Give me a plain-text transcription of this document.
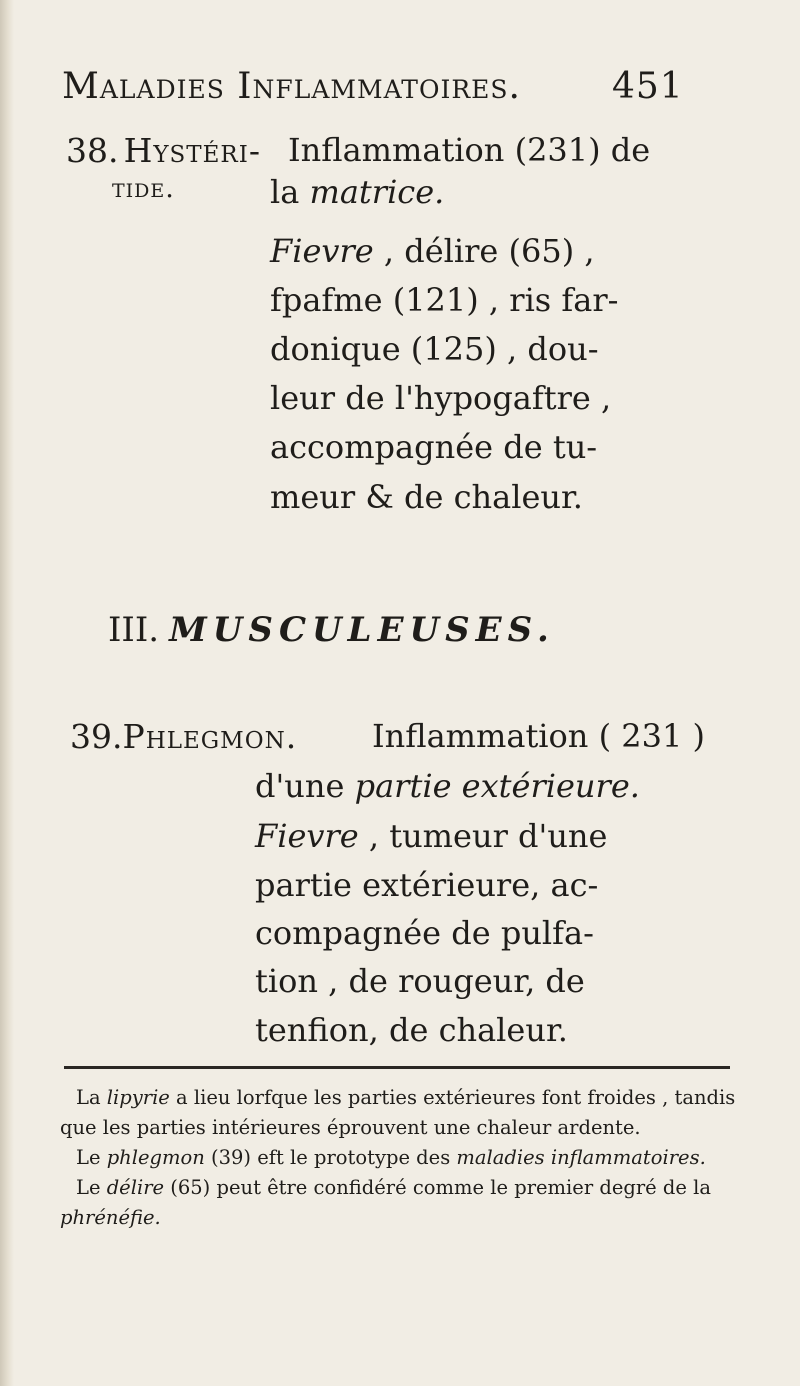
Maladies Inflammatoires.	451
38. Hystéri-
tide.
Inflammation (231) de
la matrice.
Fievre , délire (65) ,
fpafme (121) , ris far-
donique (125) , dou-
leur de l'hypogaftre ,
accompagnée de tu-
meur & de chaleur.
III. MUSCULEUSES.
39.Phlegmon. Inflammation ( 231 )
d'une partie extérieure.
Fievre , tumeur d'une
partie extérieure, ac-
compagnée de pulfa-
tion , de rougeur, de
tenfion, de chaleur.

La lipyrie a lieu lorfque les parties extérieures font froides , tandis que les parties intérieures éprouvent une chaleur ardente.

Le phlegmon (39) eft le prototype des maladies inflammatoires.

Le délire (65) peut être confidéré comme le premier degré de la phrénéfie.
